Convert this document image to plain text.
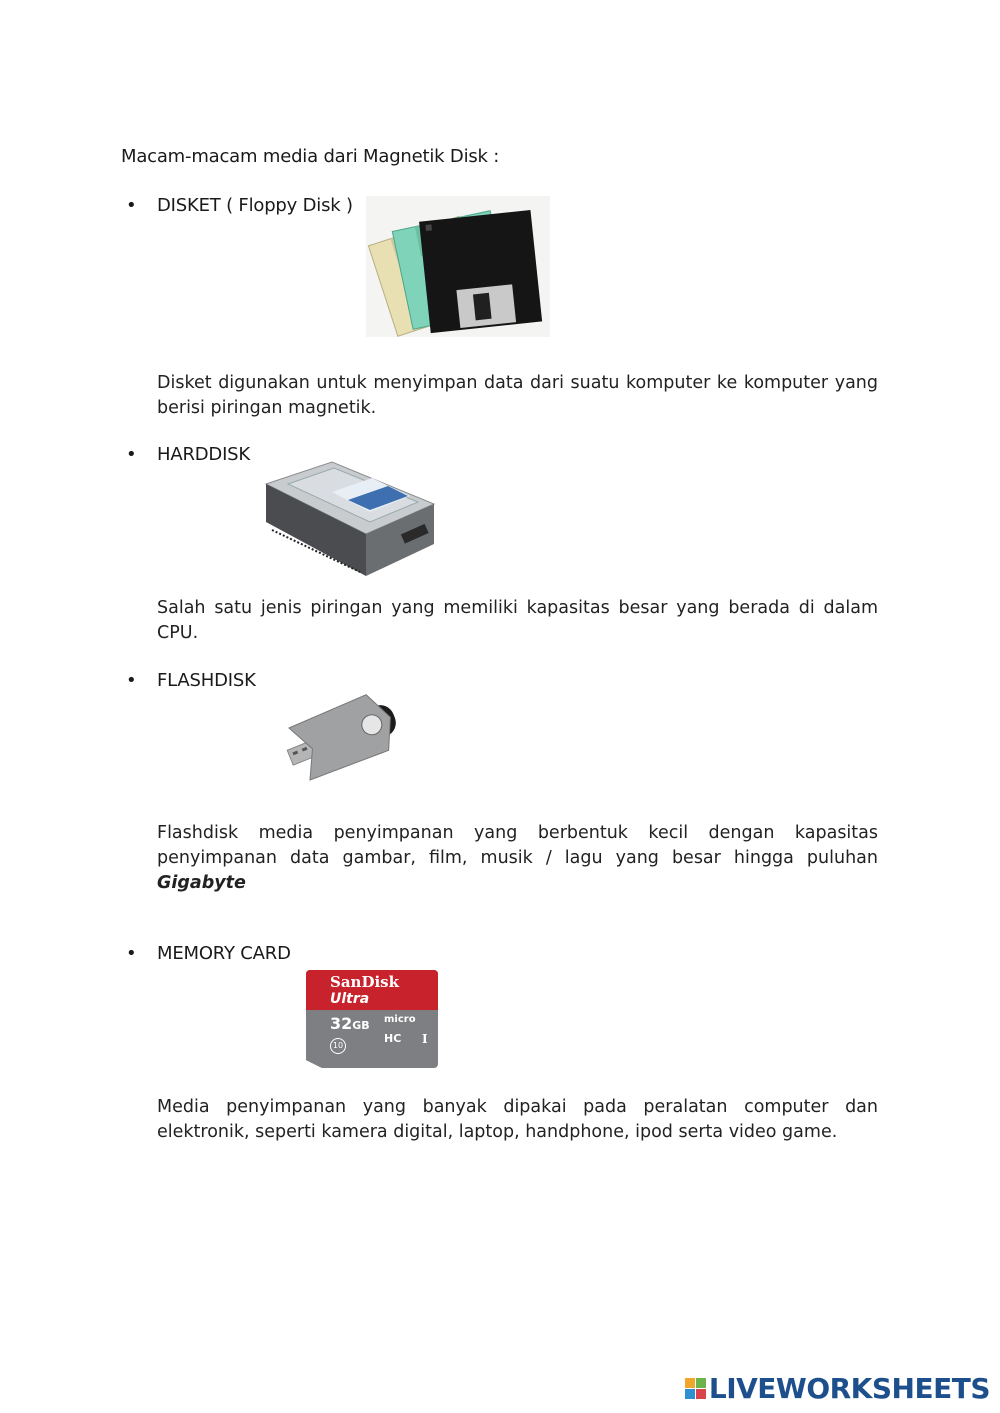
Macam-macam media dari Magnetik Disk :
• DISKET ( Floppy Disk )
Disket digunakan untuk menyimpan data dari suatu komputer ke komputer yang berisi piringan magnetik.
• HARDDISK
Salah satu jenis piringan yang memiliki kapasitas besar yang berada di dalam CPU.
• FLASHDISK
Flashdisk media penyimpanan yang berbentuk kecil dengan kapasitas penyimpanan data gambar, film, musik / lagu yang besar hingga puluhan Gigabyte
• MEMORY CARD
SanDisk
Ultra
32GB micro
HC I
10
Media penyimpanan yang banyak dipakai pada peralatan computer dan elektronik, seperti kamera digital, laptop, handphone, ipod serta video game.
LIVEWORKSHEETS
